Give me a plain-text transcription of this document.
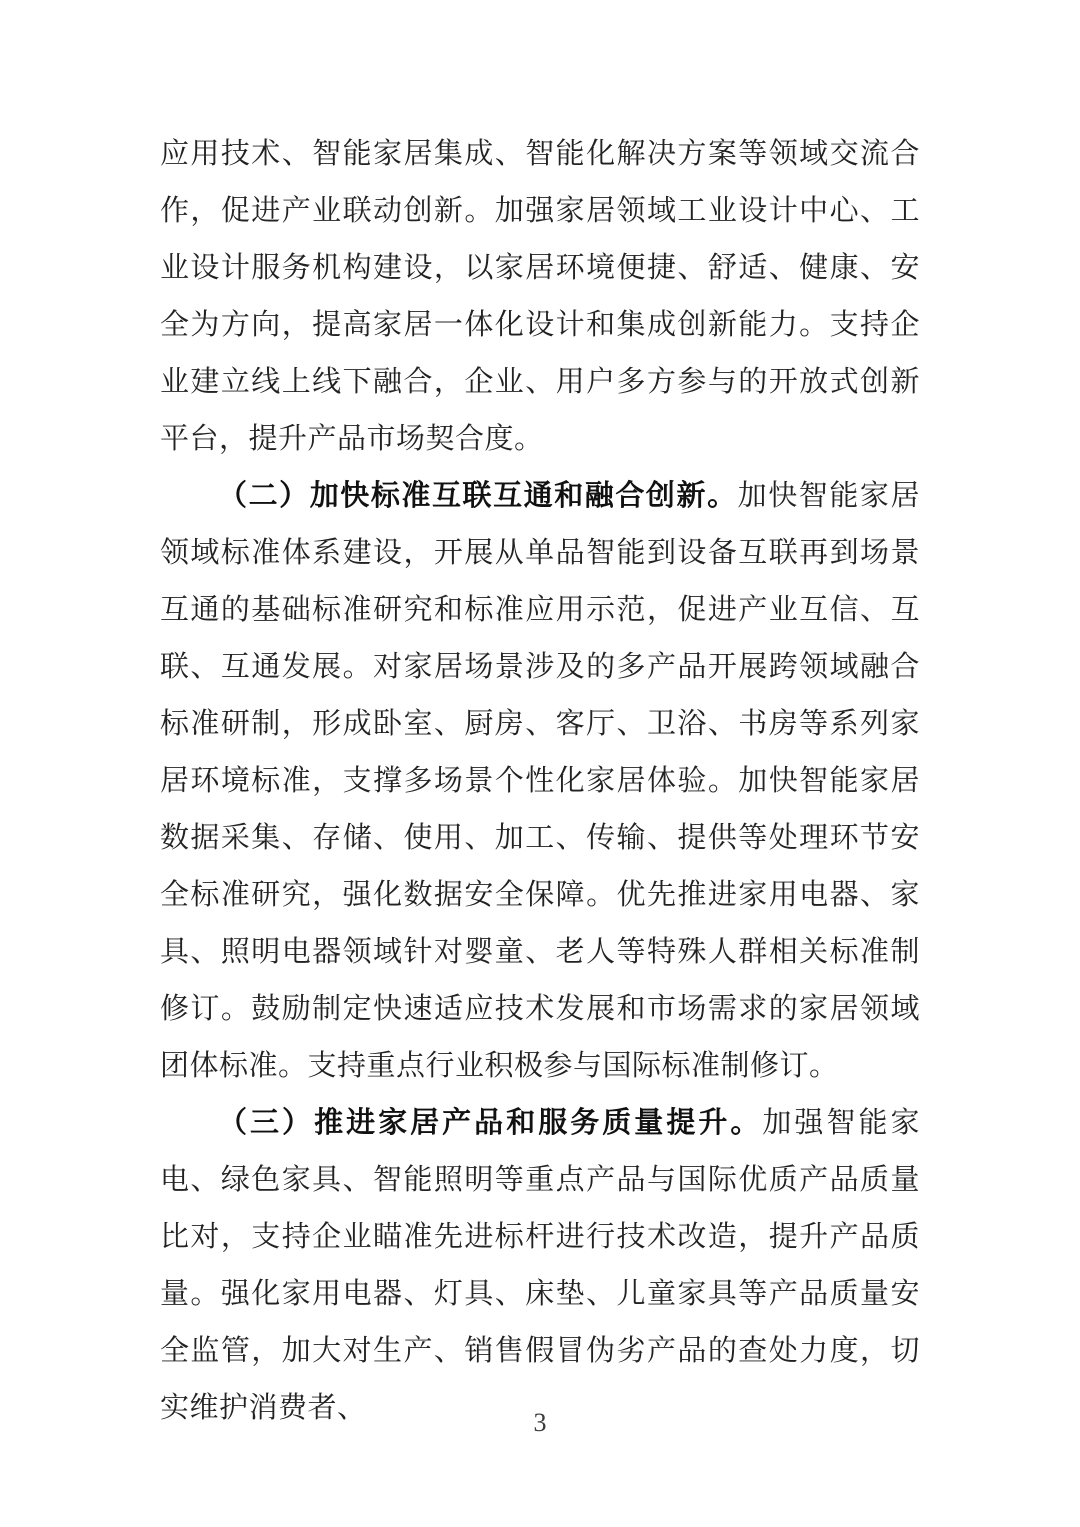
应用技术、智能家居集成、智能化解决方案等领域交流合作，促进产业联动创新。加强家居领域工业设计中心、工业设计服务机构建设，以家居环境便捷、舒适、健康、安全为方向，提高家居一体化设计和集成创新能力。支持企业建立线上线下融合，企业、用户多方参与的开放式创新平台，提升产品市场契合度。

（二）加快标准互联互通和融合创新。加快智能家居领域标准体系建设，开展从单品智能到设备互联再到场景互通的基础标准研究和标准应用示范，促进产业互信、互联、互通发展。对家居场景涉及的多产品开展跨领域融合标准研制，形成卧室、厨房、客厅、卫浴、书房等系列家居环境标准，支撑多场景个性化家居体验。加快智能家居数据采集、存储、使用、加工、传输、提供等处理环节安全标准研究，强化数据安全保障。优先推进家用电器、家具、照明电器领域针对婴童、老人等特殊人群相关标准制修订。鼓励制定快速适应技术发展和市场需求的家居领域团体标准。支持重点行业积极参与国际标准制修订。

（三）推进家居产品和服务质量提升。加强智能家电、绿色家具、智能照明等重点产品与国际优质产品质量比对，支持企业瞄准先进标杆进行技术改造，提升产品质量。强化家用电器、灯具、床垫、儿童家具等产品质量安全监管，加大对生产、销售假冒伪劣产品的查处力度，切实维护消费者、	3
